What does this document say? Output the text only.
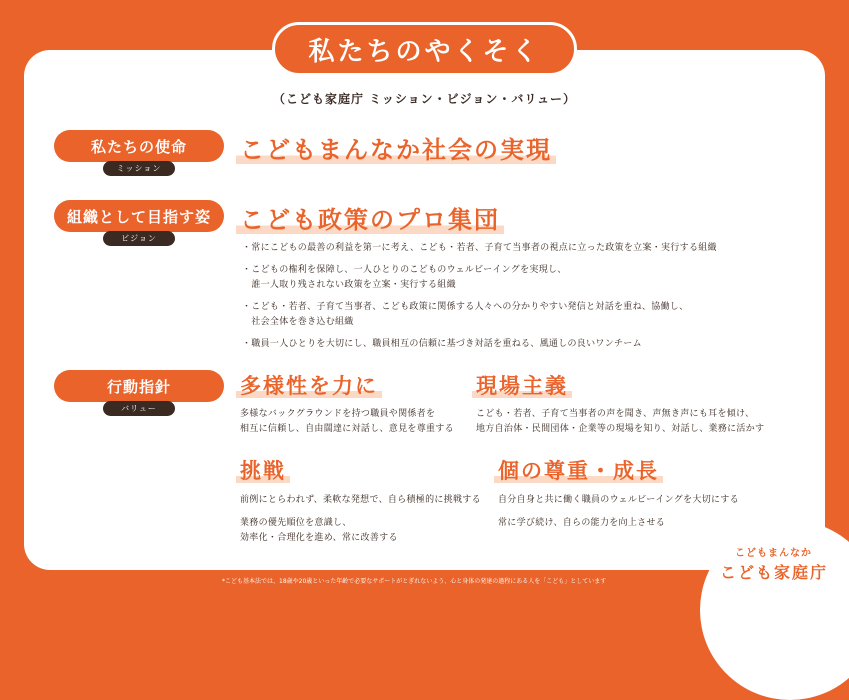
私たちのやくそく
（こども家庭庁 ミッション・ビジョン・バリュー）
私たちの使命
ミッション
こどもまんなか社会の実現
組織として目指す姿
ビジョン
こども政策のプロ集団
・常にこどもの最善の利益を第一に考え、こども・若者、子育て当事者の視点に立った政策を立案・実行する組織
・こどもの権利を保障し、一人ひとりのこどものウェルビーイングを実現し、
　誰一人取り残されない政策を立案・実行する組織
・こども・若者、子育て当事者、こども政策に関係する人々への分かりやすい発信と対話を重ね、協働し、
　社会全体を巻き込む組織
・職員一人ひとりを大切にし、職員相互の信頼に基づき対話を重ねる、風通しの良いワンチーム
行動指針
バリュー
多様性を力に
多様なバックグラウンドを持つ職員や関係者を
相互に信頼し、自由闊達に対話し、意見を尊重する
現場主義
こども・若者、子育て当事者の声を聞き、声無き声にも耳を傾け、
地方自治体・民間団体・企業等の現場を知り、対話し、業務に活かす
挑戦
前例にとらわれず、柔軟な発想で、自ら積極的に挑戦する
業務の優先順位を意識し、
効率化・合理化を進め、常に改善する
個の尊重・成長
自分自身と共に働く職員のウェルビーイングを大切にする
常に学び続け、自らの能力を向上させる
こどもまんなか
こども家庭庁
*こども基本法では、18歳や20歳といった年齢で必要なサポートがとぎれないよう、心と身体の発達の過程にある人を「こども」としています
